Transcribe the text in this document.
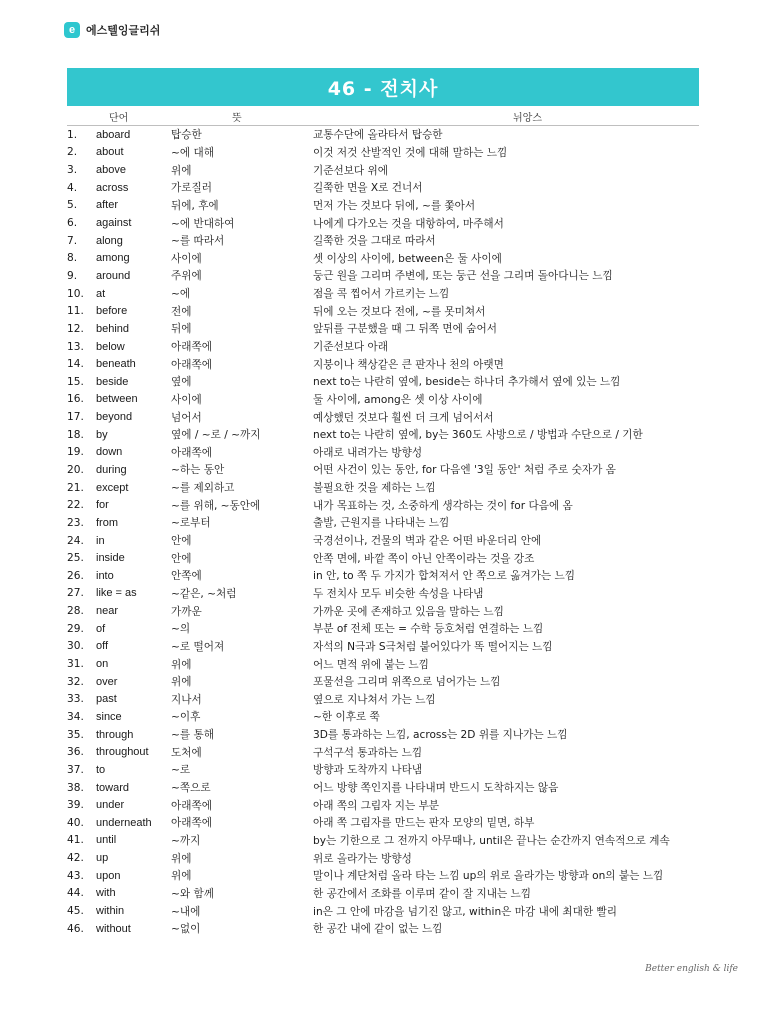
e 에스텔잉글리쉬
46 - 전치사
단어	뜻	뉘앙스
1. aboard	탑승한	교통수단에 올라타서 탑승한
2. about	~에 대해	이것 저것 산발적인 것에 대해 말하는 느낌
3. above	위에	기준선보다 위에
4. across	가로질러	길쭉한 면을 X로 건너서
5. after	뒤에, 후에	먼저 가는 것보다 뒤에, ~를 쫓아서
6. against	~에 반대하여	나에게 다가오는 것을 대항하여, 마주해서
7. along	~를 따라서	길쭉한 것을 그대로 따라서
8. among	사이에	셋 이상의 사이에, between은 둘 사이에
9. around	주위에	둥근 원을 그리며 주변에, 또는 둥근 선을 그리며 돌아다니는 느낌
10. at	~에	점을 콕 찝어서 가르키는 느낌
11. before	전에	뒤에 오는 것보다 전에, ~를 못미쳐서
12. behind	뒤에	앞뒤를 구분했을 때 그 뒤쪽 면에 숨어서
13. below	아래쪽에	기준선보다 아래
14. beneath	아래쪽에	지붕이나 책상같은 큰 판자나 천의 아랫면
15. beside	옆에	next to는 나란히 옆에, beside는 하나더 추가해서 옆에 있는 느낌
16. between	사이에	둘 사이에, among은 셋 이상 사이에
17. beyond	넘어서	예상했던 것보다 훨씬 더 크게 넘어서서
18. by	옆에 / ~로 / ~까지	next to는 나란히 옆에, by는 360도 사방으로 / 방법과 수단으로 / 기한
19. down	아래쪽에	아래로 내려가는 방향성
20. during	~하는 동안	어떤 사건이 있는 동안, for 다음엔 '3일 동안' 처럼 주로 숫자가 옴
21. except	~를 제외하고	불필요한 것을 제하는 느낌
22. for	~를 위해, ~동안에	내가 목표하는 것, 소중하게 생각하는 것이 for 다음에 옴
23. from	~로부터	출발, 근원지를 나타내는 느낌
24. in	안에	국경선이나, 건물의 벽과 같은 어떤 바운더리 안에
25. inside	안에	안쪽 면에, 바깥 쪽이 아닌 안쪽이라는 것을 강조
26. into	안쪽에	in 안, to 쪽 두 가지가 합쳐져서 안 쪽으로 옮겨가는 느낌
27. like = as	~같은, ~처럼	두 전치사 모두 비슷한 속성을 나타냄
28. near	가까운	가까운 곳에 존재하고 있음을 말하는 느낌
29. of	~의	부분 of 전체 또는 = 수학 등호처럼 연결하는 느낌
30. off	~로 떨어져	자석의 N극과 S극처럼 붙어있다가 똑 떨어지는 느낌
31. on	위에	어느 면적 위에 붙는 느낌
32. over	위에	포물선을 그리며 위쪽으로 넘어가는 느낌
33. past	지나서	옆으로 지나쳐서 가는 느낌
34. since	~이후	~한 이후로 쭉
35. through	~를 통해	3D를 통과하는 느낌, across는 2D 위를 지나가는 느낌
36. throughout 도처에	구석구석 통과하는 느낌
37. to	~로	방향과 도착까지 나타냄
38. toward	~쪽으로	어느 방향 쪽인지를 나타내며 반드시 도착하지는 않음
39. under	아래쪽에	아래 쪽의 그림자 지는 부분
40. underneath 아래쪽에	아래 쪽 그림자를 만드는 판자 모양의 밑면, 하부
41. until	~까지	by는 기한으로 그 전까지 아무때나, until은 끝나는 순간까지 연속적으로 계속
42. up	위에	위로 올라가는 방향성
43. upon	위에	말이나 계단처럼 올라 타는 느낌 up의 위로 올라가는 방향과 on의 붙는 느낌
44. with	~와 함께	한 공간에서 조화를 이루며 같이 잘 지내는 느낌
45. within	~내에	in은 그 안에 마감을 넘기진 않고, within은 마감 내에 최대한 빨리
46. without	~없이	한 공간 내에 같이 없는 느낌
Better english & life
